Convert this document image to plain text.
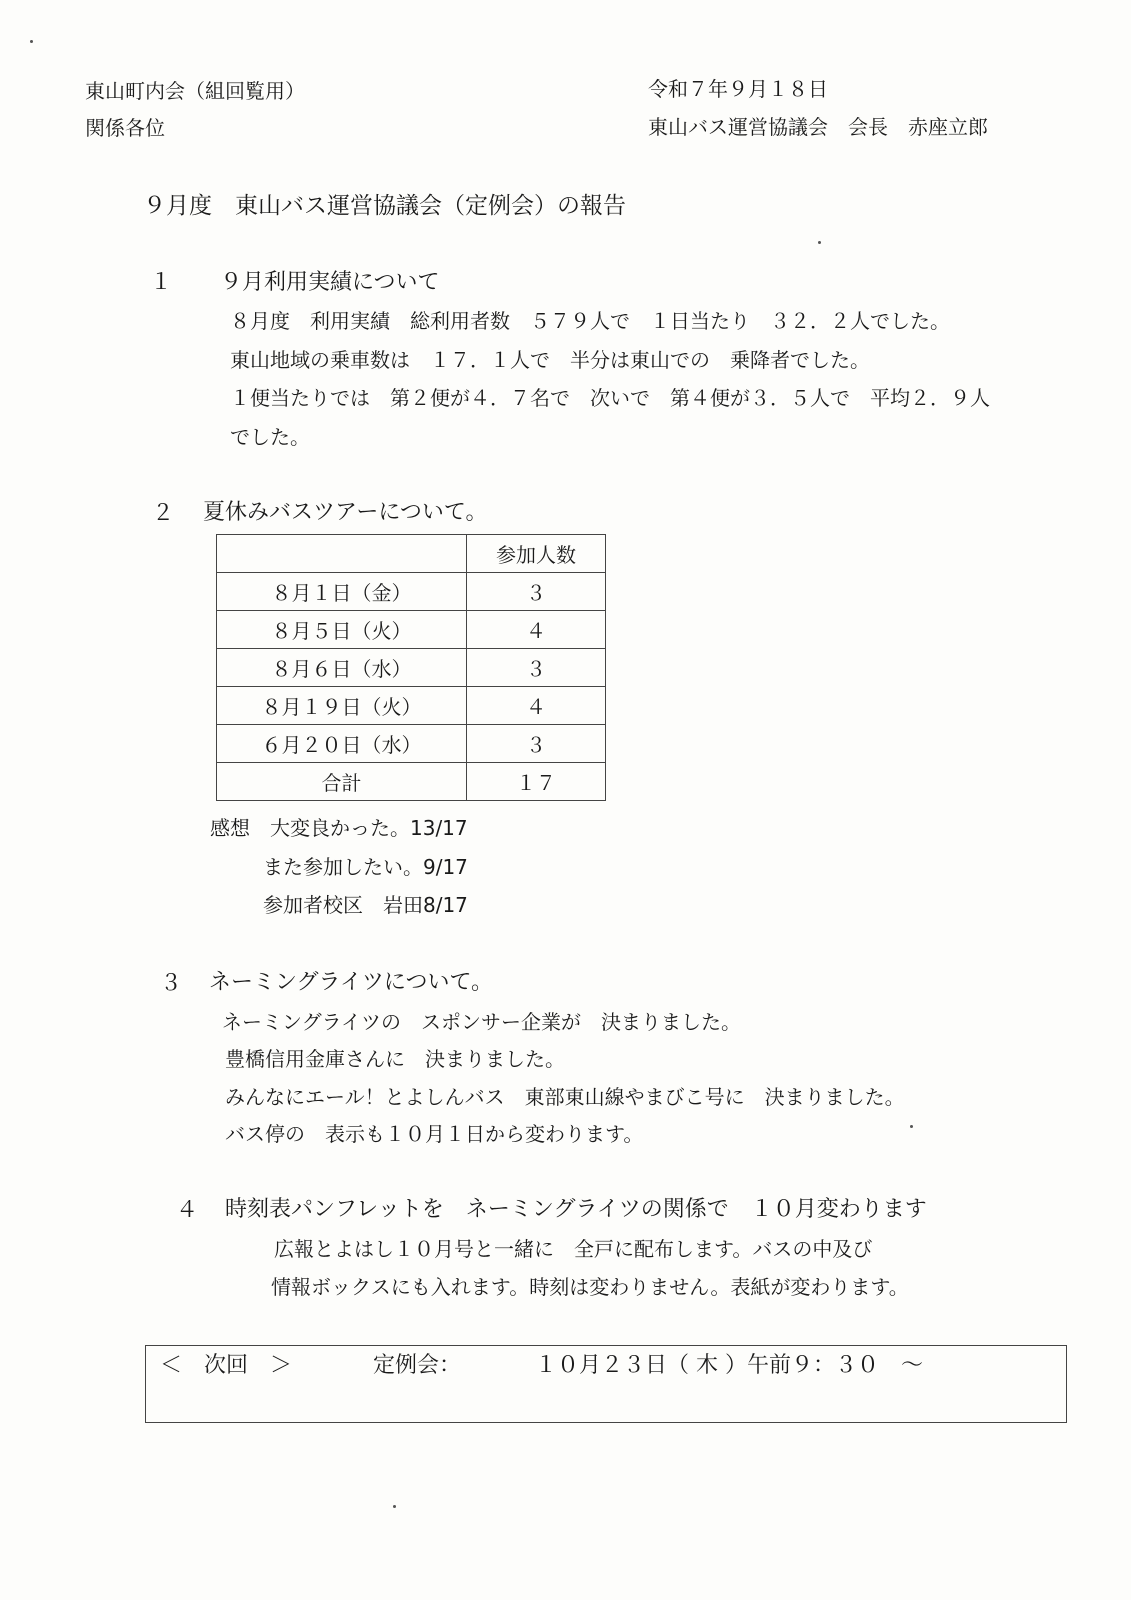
東山町内会（組回覧用）
関係各位
令和７年９月１８日
東山バス運営協議会　会長　赤座立郎
９月度　東山バス運営協議会（定例会）の報告
１ ９月利用実績について
８月度　利用実績　総利用者数　５７９人で　１日当たり　３２．２人でした。
東山地域の乗車数は　１７．１人で　半分は東山での　乗降者でした。
１便当たりでは　第２便が４．７名で　次いで　第４便が３．５人で　平均２．９人
でした。
２ 夏休みバスツアーについて。
	参加人数
８月１日（金）	３
８月５日（火）	４
８月６日（水）	３
８月１９日（火）	４
６月２０日（水）	３
合計	１７
感想　大変良かった。13/17
また参加したい。9/17
参加者校区　岩田8/17
３ ネーミングライツについて。
ネーミングライツの　スポンサー企業が　決まりました。
豊橋信用金庫さんに　決まりました。
みんなにエール！とよしんバス　東部東山線やまびこ号に　決まりました。
バス停の　表示も１０月１日から変わります。
４ 時刻表パンフレットを　ネーミングライツの関係で　１０月変わります
広報とよはし１０月号と一緒に　全戸に配布します。バスの中及び
情報ボックスにも入れます。時刻は変わりません。表紙が変わります。
＜　次回　＞	定例会：	１０月２３日（ 木 ）午前９：３０　～
